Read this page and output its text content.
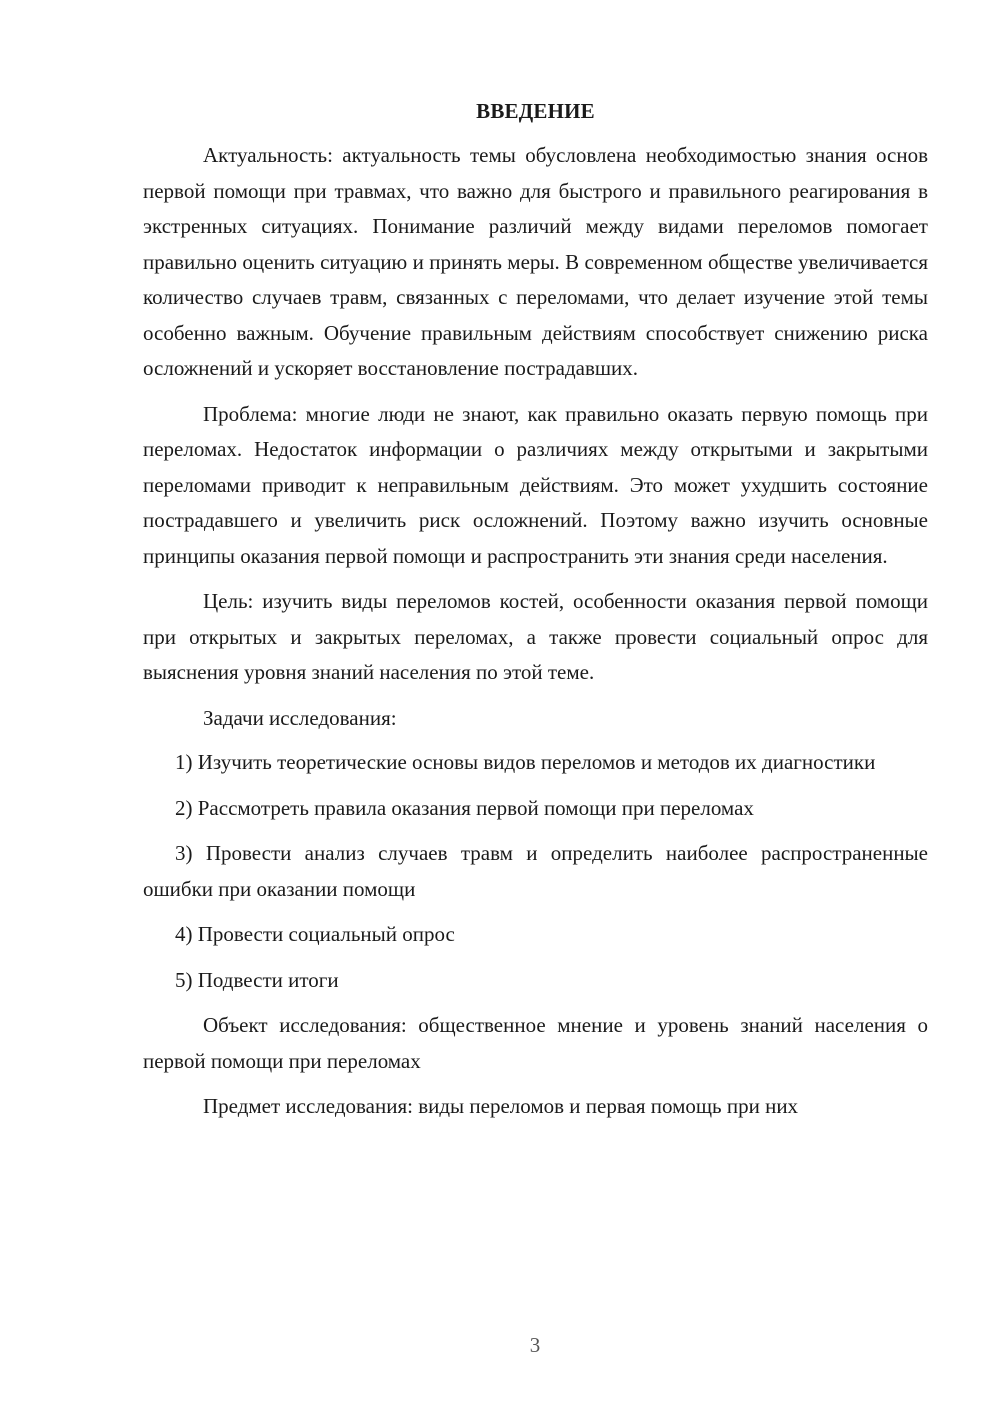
ВВЕДЕНИЕ

Актуальность: актуальность темы обусловлена необходимостью знания основ первой помощи при травмах, что важно для быстрого и правильного реагирования в экстренных ситуациях. Понимание различий между видами переломов помогает правильно оценить ситуацию и принять меры. В современном обществе увеличивается количество случаев травм, связанных с переломами, что делает изучение этой темы особенно важным. Обучение правильным действиям способствует снижению риска осложнений и ускоряет восстановление пострадавших.

Проблема: многие люди не знают, как правильно оказать первую помощь при переломах. Недостаток информации о различиях между открытыми и закрытыми переломами приводит к неправильным действиям. Это может ухудшить состояние пострадавшего и увеличить риск осложнений. Поэтому важно изучить основные принципы оказания первой помощи и распространить эти знания среди населения.

Цель: изучить виды переломов костей, особенности оказания первой помощи при открытых и закрытых переломах, а также провести социальный опрос для выяснения уровня знаний населения по этой теме.

Задачи исследования:

1) Изучить теоретические основы видов переломов и методов их диагностики

2) Рассмотреть правила оказания первой помощи при переломах

3) Провести анализ случаев травм и определить наиболее распространенные ошибки при оказании помощи

4) Провести социальный опрос

5) Подвести итоги

Объект исследования: общественное мнение и уровень знаний населения о первой помощи при переломах

Предмет исследования: виды переломов и первая помощь при них

3
